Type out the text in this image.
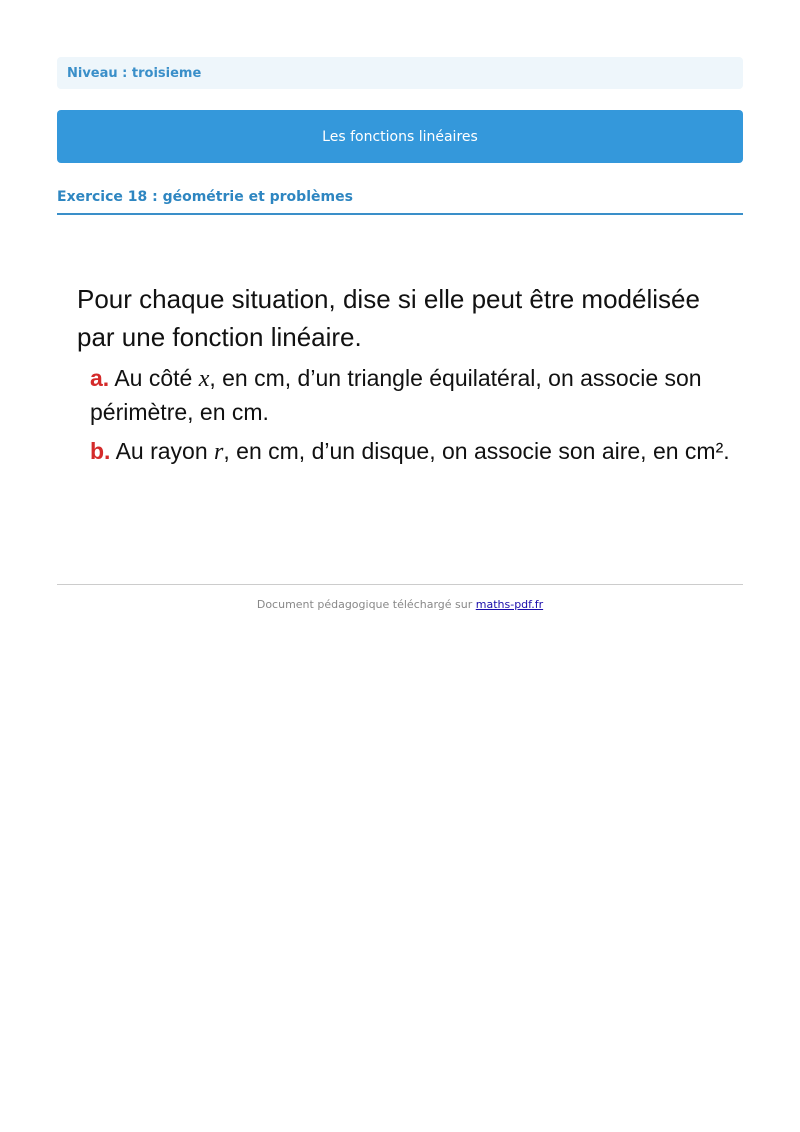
Niveau : troisieme
Les fonctions linéaires
Exercice 18 : géométrie et problèmes

Pour chaque situation, dise si elle peut être modélisée par une fonction linéaire.

a. Au côté x, en cm, d’un triangle équilatéral, on associe son périmètre, en cm.
b. Au rayon r, en cm, d’un disque, on associe son aire, en cm².
Document pédagogique téléchargé sur maths-pdf.fr
